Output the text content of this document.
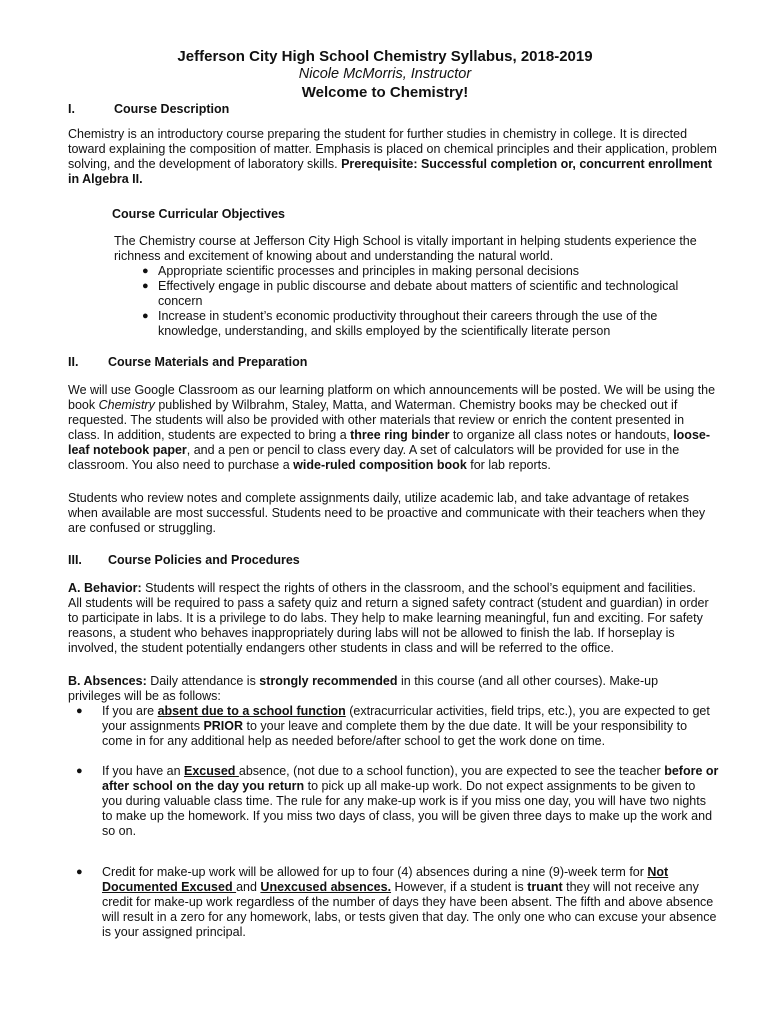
Jefferson City High School Chemistry Syllabus, 2018-2019
Nicole McMorris, Instructor
Welcome to Chemistry!
I.	Course Description
Chemistry is an introductory course preparing the student for further studies in chemistry in college. It is directed
toward explaining the composition of matter. Emphasis is placed on chemical principles and their application, problem
solving, and the development of laboratory skills. Prerequisite: Successful completion or, concurrent enrollment
in Algebra II.
Course Curricular Objectives
The Chemistry course at Jefferson City High School is vitally important in helping students experience the
richness and excitement of knowing about and understanding the natural world.
● Appropriate scientific processes and principles in making personal decisions
● Effectively engage in public discourse and debate about matters of scientific and technological
concern
● Increase in student’s economic productivity throughout their careers through the use of the
knowledge, understanding, and skills employed by the scientifically literate person
II. Course Materials and Preparation
We will use Google Classroom as our learning platform on which announcements will be posted. We will be using the
book Chemistry published by Wilbrahm, Staley, Matta, and Waterman. Chemistry books may be checked out if
requested. The students will also be provided with other materials that review or enrich the content presented in
class. In addition, students are expected to bring a three ring binder to organize all class notes or handouts, loose-
leaf notebook paper, and a pen or pencil to class every day. A set of calculators will be provided for use in the
classroom. You also need to purchase a wide-ruled composition book for lab reports.
Students who review notes and complete assignments daily, utilize academic lab, and take advantage of retakes
when available are most successful. Students need to be proactive and communicate with their teachers when they
are confused or struggling.
III. Course Policies and Procedures
A. Behavior: Students will respect the rights of others in the classroom, and the school’s equipment and facilities.
All students will be required to pass a safety quiz and return a signed safety contract (student and guardian) in order
to participate in labs. It is a privilege to do labs. They help to make learning meaningful, fun and exciting. For safety
reasons, a student who behaves inappropriately during labs will not be allowed to finish the lab. If horseplay is
involved, the student potentially endangers other students in class and will be referred to the office.
B. Absences: Daily attendance is strongly recommended in this course (and all other courses). Make-up
privileges will be as follows:
● If you are absent due to a school function (extracurricular activities, field trips, etc.), you are expected to get
your assignments PRIOR to your leave and complete them by the due date. It will be your responsibility to
come in for any additional help as needed before/after school to get the work done on time.
● If you have an Excused absence, (not due to a school function), you are expected to see the teacher before or
after school on the day you return to pick up all make-up work. Do not expect assignments to be given to
you during valuable class time. The rule for any make-up work is if you miss one day, you will have two nights
to make up the homework. If you miss two days of class, you will be given three days to make up the work and
so on.
● Credit for make-up work will be allowed for up to four (4) absences during a nine (9)-week term for Not
Documented Excused and Unexcused absences. However, if a student is truant they will not receive any
credit for make-up work regardless of the number of days they have been absent. The fifth and above absence
will result in a zero for any homework, labs, or tests given that day. The only one who can excuse your absence
is your assigned principal.
